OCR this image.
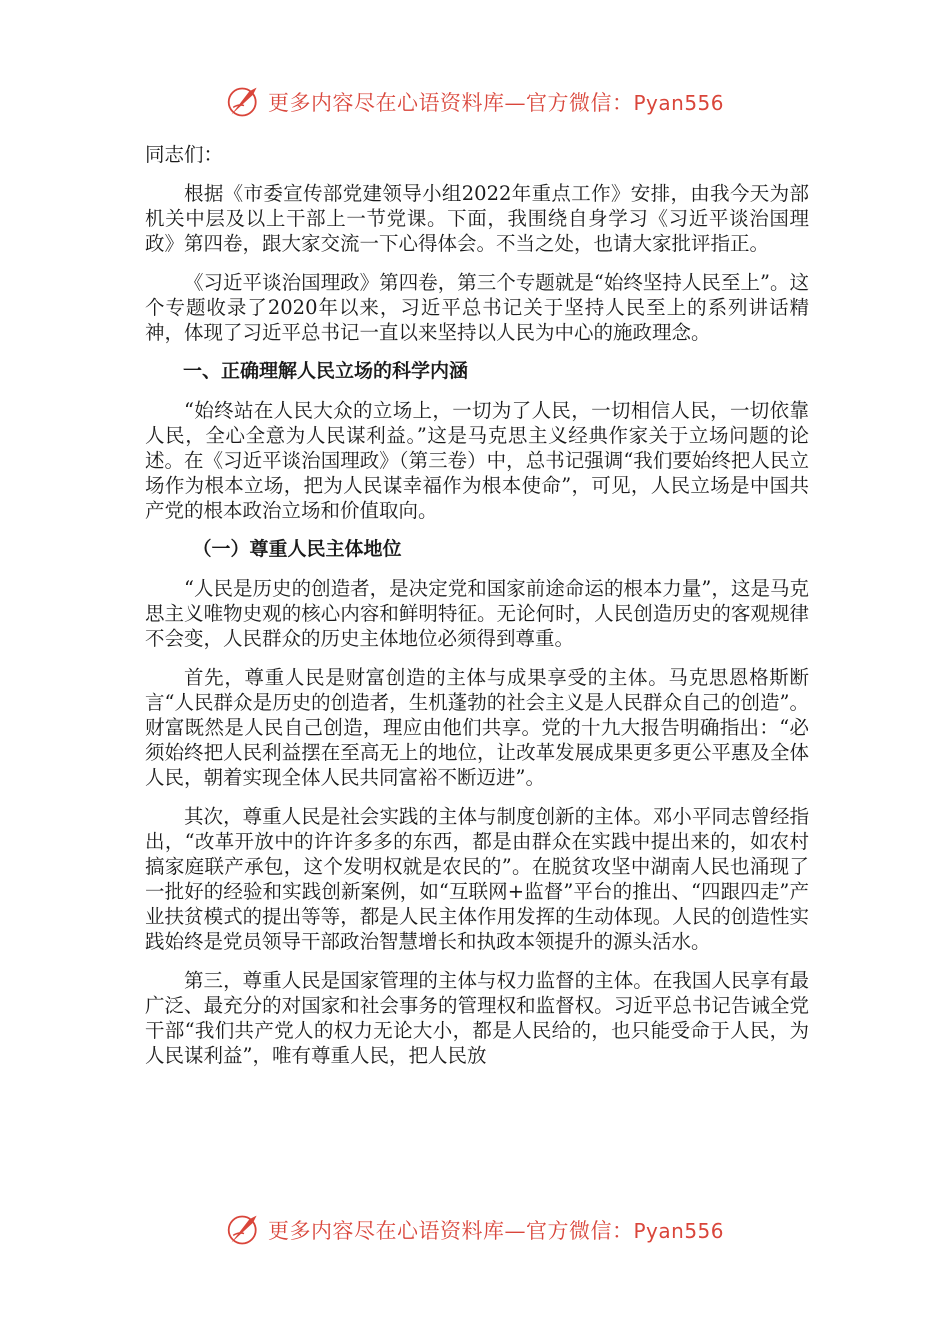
更多内容尽在心语资料库—官方微信：Pyan556

同志们：

根据《市委宣传部党建领导小组2022年重点工作》安排，由我今天为部机关中层及以上干部上一节党课。下面，我围绕自身学习《习近平谈治国理政》第四卷，跟大家交流一下心得体会。不当之处，也请大家批评指正。

《习近平谈治国理政》第四卷，第三个专题就是“始终坚持人民至上”。这个专题收录了2020年以来，习近平总书记关于坚持人民至上的系列讲话精神，体现了习近平总书记一直以来坚持以人民为中心的施政理念。

一、正确理解人民立场的科学内涵

“始终站在人民大众的立场上，一切为了人民，一切相信人民，一切依靠人民，全心全意为人民谋利益。”这是马克思主义经典作家关于立场问题的论述。在《习近平谈治国理政》（第三卷）中，总书记强调“我们要始终把人民立场作为根本立场，把为人民谋幸福作为根本使命”，可见，人民立场是中国共产党的根本政治立场和价值取向。

（一）尊重人民主体地位

“人民是历史的创造者，是决定党和国家前途命运的根本力量”，这是马克思主义唯物史观的核心内容和鲜明特征。无论何时，人民创造历史的客观规律不会变，人民群众的历史主体地位必须得到尊重。

首先，尊重人民是财富创造的主体与成果享受的主体。马克思恩格斯断言“人民群众是历史的创造者，生机蓬勃的社会主义是人民群众自己的创造”。财富既然是人民自己创造，理应由他们共享。党的十九大报告明确指出：“必须始终把人民利益摆在至高无上的地位，让改革发展成果更多更公平惠及全体人民，朝着实现全体人民共同富裕不断迈进”。

其次，尊重人民是社会实践的主体与制度创新的主体。邓小平同志曾经指出，“改革开放中的许许多多的东西，都是由群众在实践中提出来的，如农村搞家庭联产承包，这个发明权就是农民的”。在脱贫攻坚中湖南人民也涌现了一批好的经验和实践创新案例，如“互联网+监督”平台的推出、“四跟四走”产业扶贫模式的提出等等，都是人民主体作用发挥的生动体现。人民的创造性实践始终是党员领导干部政治智慧增长和执政本领提升的源头活水。

第三，尊重人民是国家管理的主体与权力监督的主体。在我国人民享有最广泛、最充分的对国家和社会事务的管理权和监督权。习近平总书记告诫全党干部“我们共产党人的权力无论大小，都是人民给的，也只能受命于人民，为人民谋利益”，唯有尊重人民，把人民放

更多内容尽在心语资料库—官方微信：Pyan556
